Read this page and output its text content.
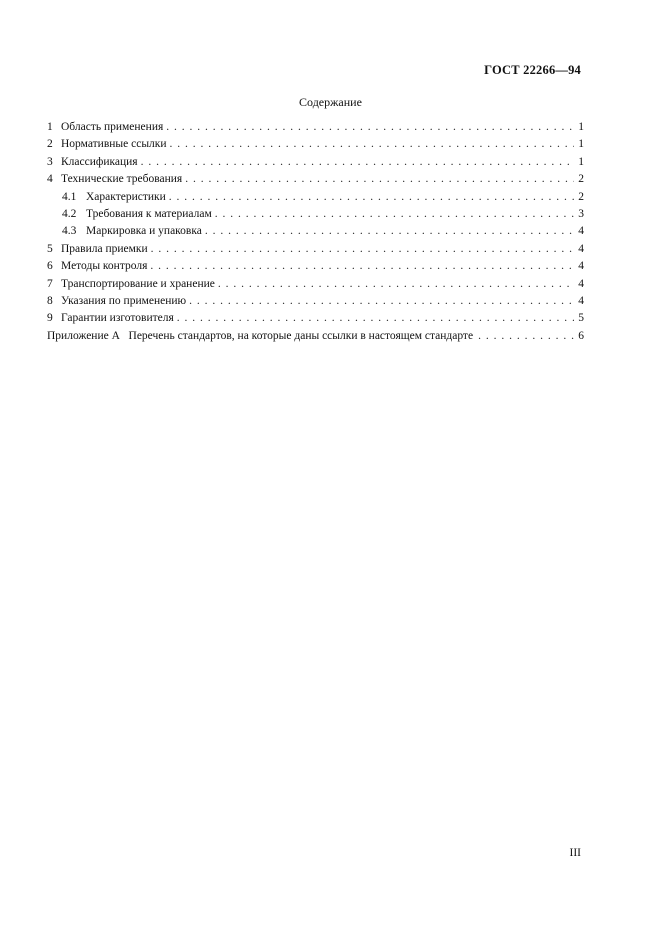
ГОСТ 22266—94
Содержание
1 Область применения . . .	1
2 Нормативные ссылки . . .	1
3 Классификация . . .	1
4 Технические требования . . .	2
4.1 Характеристики . . .	2
4.2 Требования к материалам . . .	3
4.3 Маркировка и упаковка . . .	4
5 Правила приемки . . .	4
6 Методы контроля . . .	4
7 Транспортирование и хранение . . .	4
8 Указания по применению . . .	4
9 Гарантии изготовителя . . .	5
Приложение А   Перечень стандартов, на которые даны ссылки в настоящем стандарте . . .	6
III
